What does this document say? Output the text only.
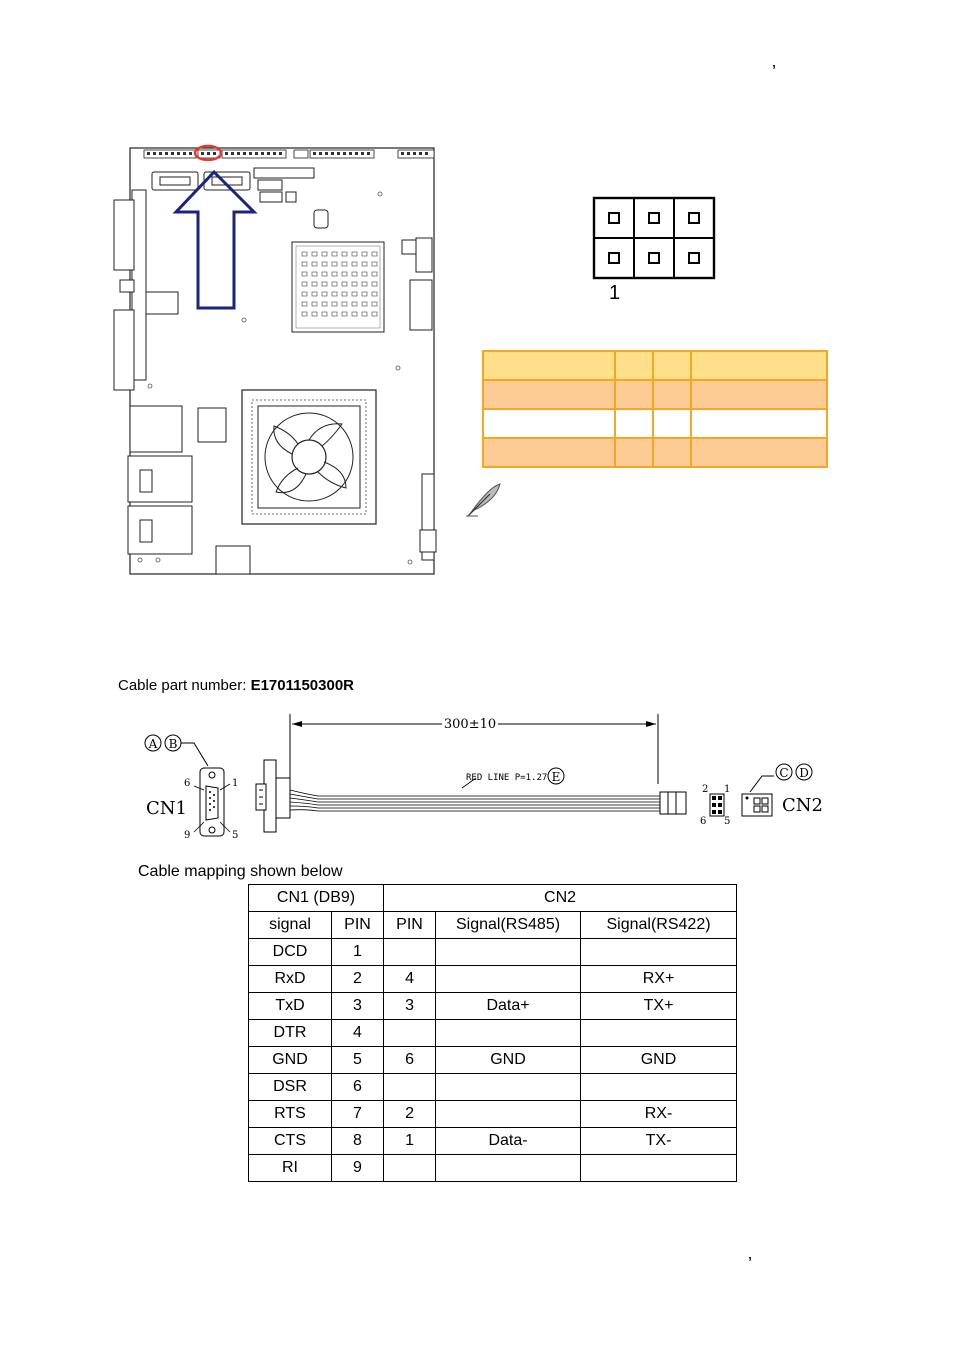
’
1

Cable part number: E1701150300R
300±10
A B
CN1
6	1
9	5
RED LINE P=1.27 E
2 1
6 5
C D
CN2
Cable mapping shown below
CN1 (DB9)		CN2		
signal	PIN	PIN	Signal(RS485)	Signal(RS422)
DCD	1			
RxD	2	4		RX+
TxD	3	3	Data+	TX+
DTR	4			
GND	5	6	GND	GND
DSR	6			
RTS	7	2		RX-
CTS	8	1	Data-	TX-
RI	9			
’
